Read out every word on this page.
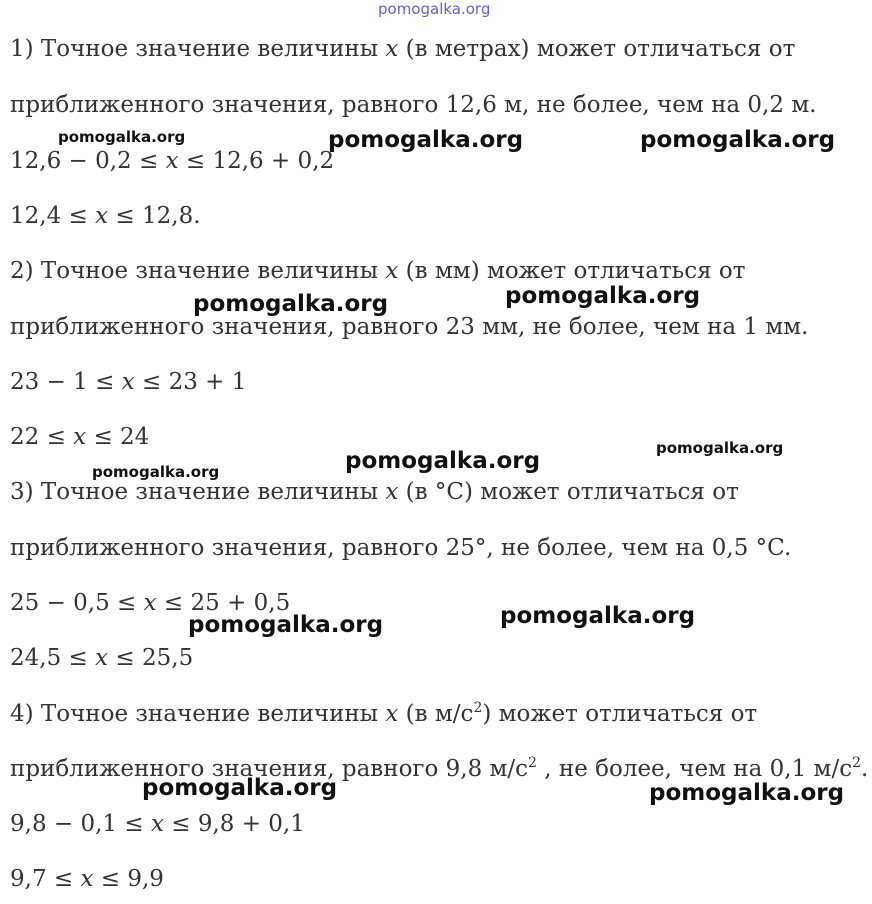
pomogalka.org

1) Точное значение величины x (в метрах) может отличаться от

приближенного значения, равного 12,6 м, не более, чем на 0,2 м.

12,6 − 0,2 ≤ x ≤ 12,6 + 0,2

12,4 ≤ x ≤ 12,8.

2) Точное значение величины x (в мм) может отличаться от

приближенного значения, равного 23 мм, не более, чем на 1 мм.

23 − 1 ≤ x ≤ 23 + 1

22 ≤ x ≤ 24

3) Точное значение величины x (в °C) может отличаться от

приближенного значения, равного 25°, не более, чем на 0,5 °C.

25 − 0,5 ≤ x ≤ 25 + 0,5

24,5 ≤ x ≤ 25,5

4) Точное значение величины x (в $м/с^2$) может отличаться от

приближенного значения, равного 9,8 $м/с^2$ , не более, чем на 0,1 $м/с^2$.

9,8 − 0,1 ≤ x ≤ 9,8 + 0,1

9,7 ≤ x ≤ 9,9

pomogalka.org	pomogalka.org	pomogalka.org
pomogalka.org	pomogalka.org
pomogalka.org
pomogalka.org
pomogalka.org
pomogalka.org	pomogalka.org
pomogalka.org	pomogalka.org
